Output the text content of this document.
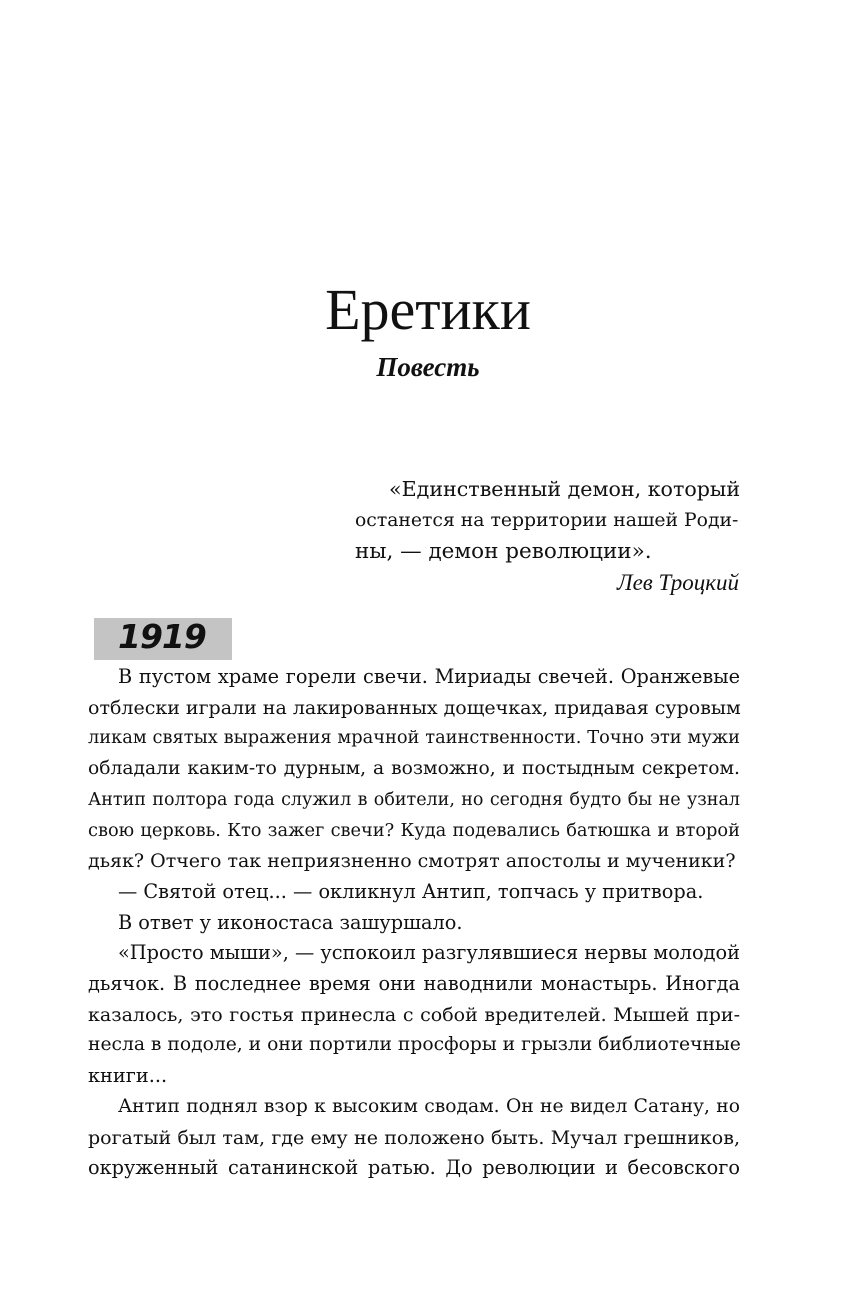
Еретики
Повесть
«Единственный демон, который
останется на территории нашей Роди-
ны, — демон революции».
Лев Троцкий
1919
В пустом храме горели свечи. Мириады свечей. Оранжевые
отблески играли на лакированных дощечках, придавая суровым
ликам святых выражения мрачной таинственности. Точно эти мужи
обладали каким-то дурным, а возможно, и постыдным секретом.
Антип полтора года служил в обители, но сегодня будто бы не узнал
свою церковь. Кто зажег свечи? Куда подевались батюшка и второй
дьяк? Отчего так неприязненно смотрят апостолы и мученики?
— Святой отец... — окликнул Антип, топчась у притвора.
В ответ у иконостаса зашуршало.
«Просто мыши», — успокоил разгулявшиеся нервы молодой
дьячок. В последнее время они наводнили монастырь. Иногда
казалось, это гостья принесла с собой вредителей. Мышей при-
несла в подоле, и они портили просфоры и грызли библиотечные
книги...
Антип поднял взор к высоким сводам. Он не видел Сатану, но
рогатый был там, где ему не положено быть. Мучал грешников,
окруженный сатанинской ратью. До революции и бесовского
